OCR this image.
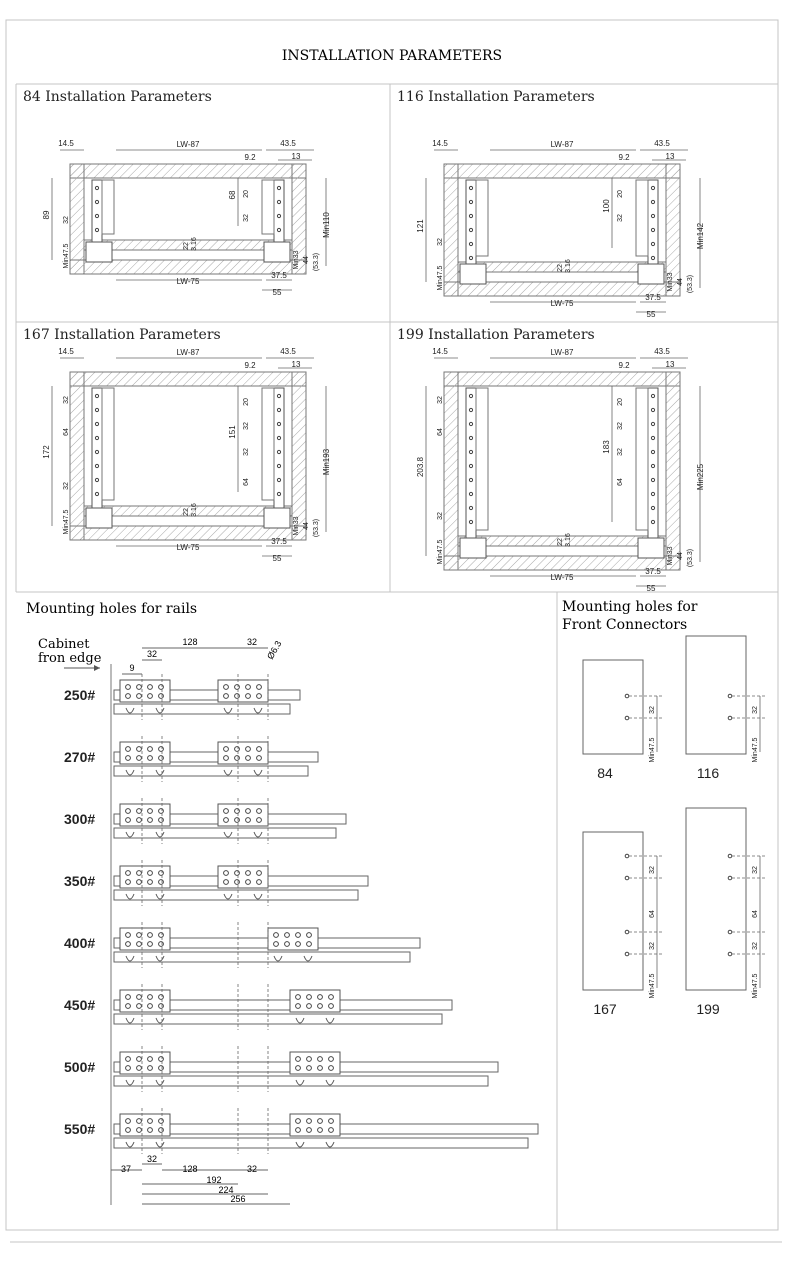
INSTALLATION PARAMETERS
84 Installation Parameters
LW-87
14.5	43.5
9.2	13
89
Min47.5
32
68 20
32	Min110
Min33 44 (53.3)
22 3.16
LW-75
37.5
55
116 Installation Parameters
LW-87
14.5	43.5
9.2	13
121
Min47.5
32
100
20
32
Min142
Min33 44 (53.3)
22 3.16
LW-75
37.5
55
167 Installation Parameters
LW-87
14.5	43.5
9.2	13
172
Min47.5
32
151
20
32
64
32
32
64
Min193
Min33 44 (53.3)
22 3.16
LW-75
37.5
55
199 Installation Parameters
LW-87
14.5	43.5
9.2	13
203.8
Min47.5
32
183
20
32
64
32
32
64	Min225
Min33 44 (53.3)
22 3.16
LW-75
37.5
55
Mounting holes for rails
Cabinet
fron edge
128	32
32
9
Ø6.3
250#
270#
300#
350#
400#
450#
500#
550#
37
32
128	32
192
224
256
Mounting holes for
Front Connectors
Min47.5
32
84
Min47.5
32
116
Min47.5
32
64
32
167
Min47.5
32
64
32
199
